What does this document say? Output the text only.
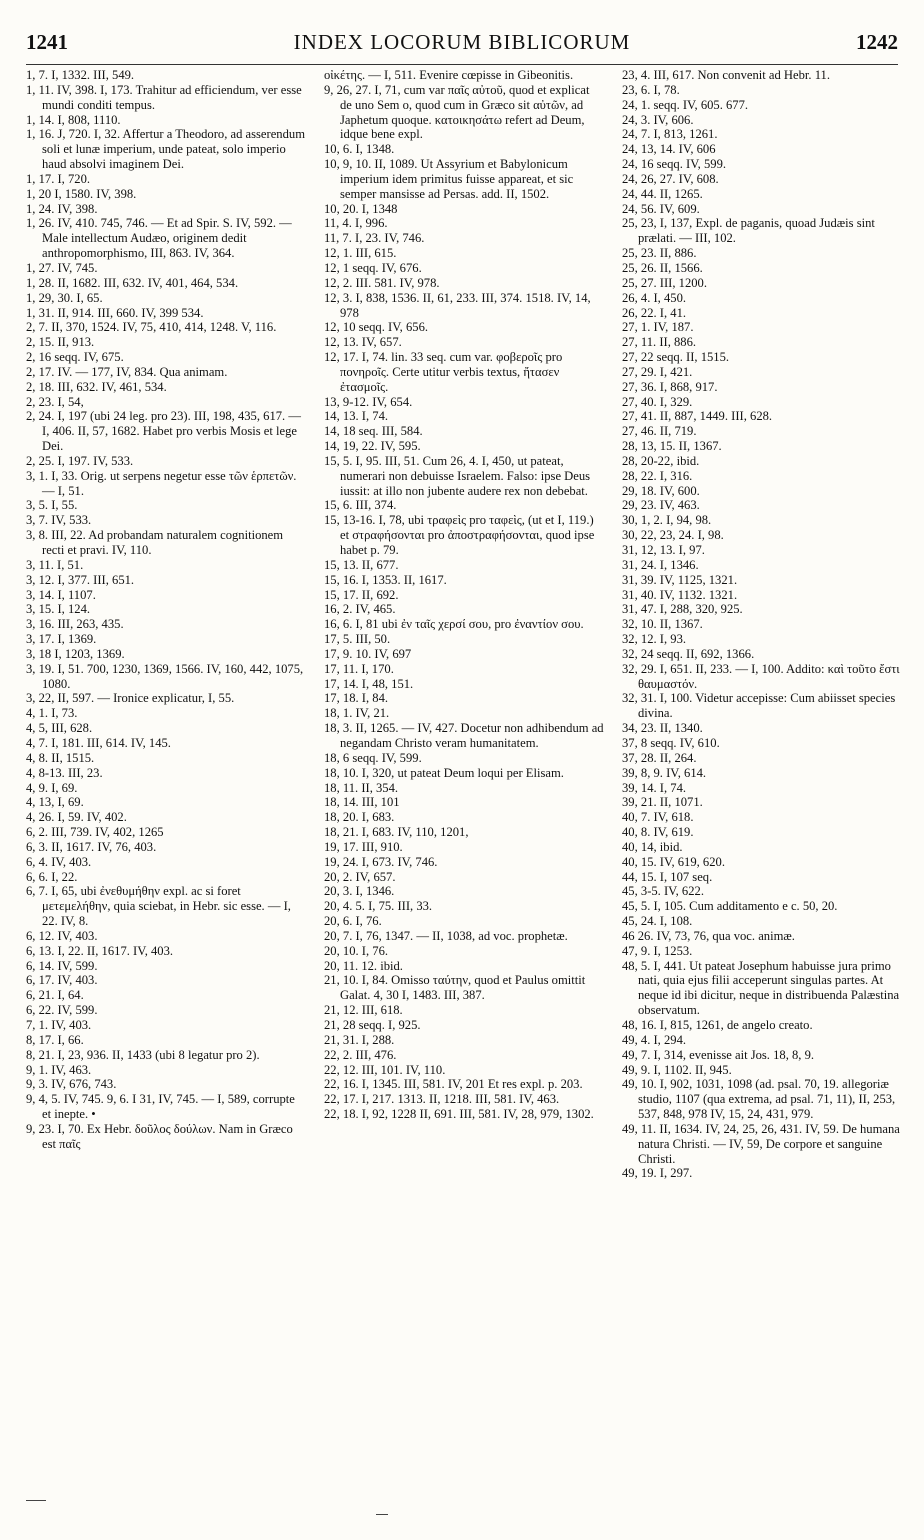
1241	INDEX LOCORUM BIBLICORUM	1242
1, 7. I, 1332. III, 549.
1, 11. IV, 398. I, 173. Trahitur ad efficiendum, ver esse mundi conditi tempus.
1, 14. I, 808, 1110.
1, 16. J, 720. I, 32. Affertur a Theodoro, ad asserendum soli et lunæ imperium, unde pateat, solo imperio haud absolvi imaginem Dei.
1, 17. I, 720.
1, 20 I, 1580. IV, 398.
1, 24. IV, 398.
1, 26. IV, 410. 745, 746. — Et ad Spir. S. IV, 592. — Male intellectum Audæo, originem dedit anthropomorphismo, III, 863. IV, 364.
1, 27. IV, 745.
1, 28. II, 1682. III, 632. IV, 401, 464, 534.
1, 29, 30. I, 65.
1, 31. II, 914. III, 660. IV, 399 534.
2, 7. II, 370, 1524. IV, 75, 410, 414, 1248. V, 116.
2, 15. II, 913.
2, 16 seqq. IV, 675.
2, 17. IV. — 177, IV, 834. Qua animam.
2, 18. III, 632. IV, 461, 534.
2, 23. I, 54,
2, 24. I, 197 (ubi 24 leg. pro 23). III, 198, 435, 617. — I, 406. II, 57, 1682. Habet pro verbis Mosis et lege Dei.
2, 25. I, 197. IV, 533.
3, 1. I, 33. Orig. ut serpens negetur esse τῶν ἑρπετῶν. — I, 51.
3, 5. I, 55.
3, 7. IV, 533.
3, 8. III, 22. Ad probandam naturalem cognitionem recti et pravi. IV, 110.
3, 11. I, 51.
3, 12. I, 377. III, 651.
3, 14. I, 1107.
3, 15. I, 124.
3, 16. III, 263, 435.
3, 17. I, 1369.
3, 18 I, 1203, 1369.
3, 19. I, 51. 700, 1230, 1369, 1566. IV, 160, 442, 1075, 1080.
3, 22, II, 597. — Ironice explicatur, I, 55.
4, 1. I, 73.
4, 5, III, 628.
4, 7. I, 181. III, 614. IV, 145.
4, 8. II, 1515.
4, 8-13. III, 23.
4, 9. I, 69.
4, 13, I, 69.
4, 26. I, 59. IV, 402.
6, 2. III, 739. IV, 402, 1265
6, 3. II, 1617. IV, 76, 403.
6, 4. IV, 403.
6, 6. I, 22.
6, 7. I, 65, ubi ἐνεθυμήθην expl. ac si foret μετεμελήθην, quia sciebat, in Hebr. sic esse. — I, 22. IV, 8.
6, 12. IV, 403.
6, 13. I, 22. II, 1617. IV, 403.
6, 14. IV, 599.
6, 17. IV, 403.
6, 21. I, 64.
6, 22. IV, 599.
7, 1. IV, 403.
8, 17. I, 66.
8, 21. I, 23, 936. II, 1433 (ubi 8 legatur pro 2).
9, 1. IV, 463.
9, 3. IV, 676, 743.
9, 4, 5. IV, 745. 9, 6. I 31, IV, 745. — I, 589, corrupte et inepte. •
9, 23. I, 70. Ex Hebr. δοῦλος δούλων. Nam in Græco est παῖς
οἰκέτης. — I, 511. Evenire cœpisse in Gibeonitis.
9, 26, 27. I, 71, cum var παῖς αὐτοῦ, quod et explicat de uno Sem o, quod cum in Græco sit αὐτῶν, ad Japhetum quoque. κατοικησάτω refert ad Deum, idque bene expl.
10, 6. I, 1348.
10, 9, 10. II, 1089. Ut Assyrium et Babylonicum imperium idem primitus fuisse appareat, et sic semper mansisse ad Persas. add. II, 1502.
10, 20. I, 1348
11, 4. I, 996.
11, 7. I, 23. IV, 746.
12, 1. III, 615.
12, 1 seqq. IV, 676.
12, 2. III. 581. IV, 978.
12, 3. I, 838, 1536. II, 61, 233. III, 374. 1518. IV, 14, 978
12, 10 seqq. IV, 656.
12, 13. IV, 657.
12, 17. I, 74. lin. 33 seq. cum var. φοβεροῖς pro πονηροῖς. Certe utitur verbis textus, ἤτασεν ἐτασμοῖς.
13, 9-12. IV, 654.
14, 13. I, 74.
14, 18 seq. III, 584.
14, 19, 22. IV, 595.
15, 5. I, 95. III, 51. Cum 26, 4. I, 450, ut pateat, numerari non debuisse Israelem. Falso: ipse Deus iussit: at illo non jubente audere rex non debebat.
15, 6. III, 374.
15, 13-16. I, 78, ubi τραφεὶς pro ταφεὶς, (ut et I, 119.) et στραφήσονται pro ἀποστραφήσονται, quod ipse habet p. 79.
15, 13. II, 677.
15, 16. I, 1353. II, 1617.
15, 17. II, 692.
16, 2. IV, 465.
16, 6. I, 81 ubi ἐν ταῖς χερσί σου, pro ἐναντίον σου.
17, 5. III, 50.
17, 9. 10. IV, 697
17, 11. I, 170.
17, 14. I, 48, 151.
17, 18. I, 84.
18, 1. IV, 21.
18, 3. II, 1265. — IV, 427. Docetur non adhibendum ad negandam Christo veram humanitatem.
18, 6 seqq. IV, 599.
18, 10. I, 320, ut pateat Deum loqui per Elisam.
18, 11. II, 354.
18, 14. III, 101
18, 20. I, 683.
18, 21. I, 683. IV, 110, 1201,
19, 17. III, 910.
19, 24. I, 673. IV, 746.
20, 2. IV, 657.
20, 3. I, 1346.
20, 4. 5. I, 75. III, 33.
20, 6. I, 76.
20, 7. I, 76, 1347. — II, 1038, ad voc. prophetæ.
20, 10. I, 76.
20, 11. 12. ibid.
21, 10. I, 84. Omisso ταύτην, quod et Paulus omittit Galat. 4, 30 I, 1483. III, 387.
21, 12. III, 618.
21, 28 seqq. I, 925.
21, 31. I, 288.
22, 2. III, 476.
22, 12. III, 101. IV, 110.
22, 16. I, 1345. III, 581. IV, 201 Et res expl. p. 203.
22, 17. I, 217. 1313. II, 1218. III, 581. IV, 463.
22, 18. I, 92, 1228 II, 691. III, 581. IV, 28, 979, 1302.
23, 4. III, 617. Non convenit ad Hebr. 11.
23, 6. I, 78.
24, 1. seqq. IV, 605. 677.
24, 3. IV, 606.
24, 7. I, 813, 1261.
24, 13, 14. IV, 606
24, 16 seqq. IV, 599.
24, 26, 27. IV, 608.
24, 44. II, 1265.
24, 56. IV, 609.
25, 23, I, 137, Expl. de paganis, quoad Judæis sint prælati. — III, 102.
25, 23. II, 886.
25, 26. II, 1566.
25, 27. III, 1200.
26, 4. I, 450.
26, 22. I, 41.
27, 1. IV, 187.
27, 11. II, 886.
27, 22 seqq. II, 1515.
27, 29. I, 421.
27, 36. I, 868, 917.
27, 40. I, 329.
27, 41. II, 887, 1449. III, 628.
27, 46. II, 719.
28, 13, 15. II, 1367.
28, 20-22, ibid.
28, 22. I, 316.
29, 18. IV, 600.
29, 23. IV, 463.
30, 1, 2. I, 94, 98.
30, 22, 23, 24. I, 98.
31, 12, 13. I, 97.
31, 24. I, 1346.
31, 39. IV, 1125, 1321.
31, 40. IV, 1132. 1321.
31, 47. I, 288, 320, 925.
32, 10. II, 1367.
32, 12. I, 93.
32, 24 seqq. II, 692, 1366.
32, 29. I, 651. II, 233. — I, 100. Addito: καὶ τοῦτο ἔστι θαυμαστόν.
32, 31. I, 100. Videtur accepisse: Cum abiisset species divina.
34, 23. II, 1340.
37, 8 seqq. IV, 610.
37, 28. II, 264.
39, 8, 9. IV, 614.
39, 14. I, 74.
39, 21. II, 1071.
40, 7. IV, 618.
40, 8. IV, 619.
40, 14, ibid.
40, 15. IV, 619, 620.
44, 15. I, 107 seq.
45, 3-5. IV, 622.
45, 5. I, 105. Cum additamento e c. 50, 20.
45, 24. I, 108.
46 26. IV, 73, 76, qua voc. animæ.
47, 9. I, 1253.
48, 5. I, 441. Ut pateat Josephum habuisse jura primo nati, quia ejus filii acceperunt singulas partes. At neque id ibi dicitur, neque in distribuenda Palæstina observatum.
48, 16. I, 815, 1261, de angelo creato.
49, 4. I, 294.
49, 7. I, 314, evenisse ait Jos. 18, 8, 9.
49, 9. I, 1102. II, 945.
49, 10. I, 902, 1031, 1098 (ad. psal. 70, 19. allegoriæ studio, 1107 (qua extrema, ad psal. 71, 11), II, 253, 537, 848, 978 IV, 15, 24, 431, 979.
49, 11. II, 1634. IV, 24, 25, 26, 431. IV, 59. De humana natura Christi. — IV, 59, De corpore et sanguine Christi.
49, 19. I, 297.
